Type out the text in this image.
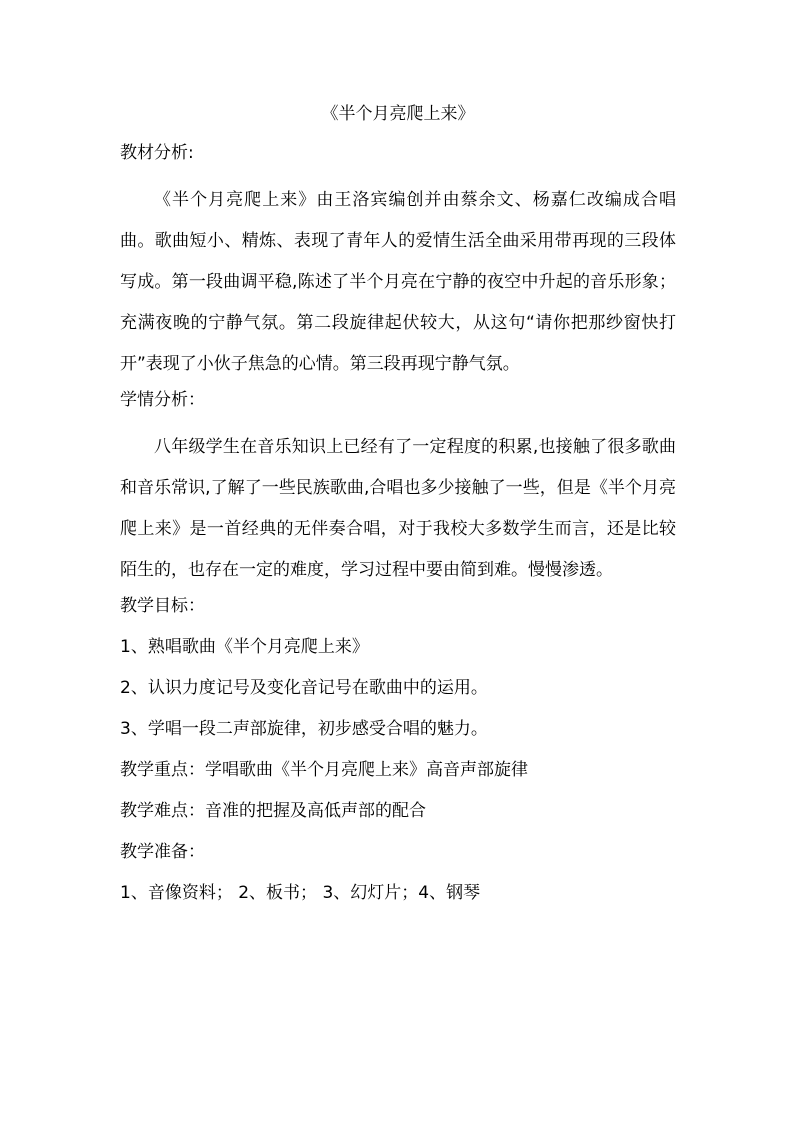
《半个月亮爬上来》
教材分析:

《半个月亮爬上来》由王洛宾编创并由蔡余文、杨嘉仁改编成合唱曲。歌曲短小、精炼、表现了青年人的爱情生活全曲采用带再现的三段体写成。第一段曲调平稳,陈述了半个月亮在宁静的夜空中升起的音乐形象；充满夜晚的宁静气氛。第二段旋律起伏较大，从这句“请你把那纱窗快打开”表现了小伙子焦急的心情。第三段再现宁静气氛。

学情分析：

八年级学生在音乐知识上已经有了一定程度的积累,也接触了很多歌曲和音乐常识,了解了一些民族歌曲,合唱也多少接触了一些，但是《半个月亮爬上来》是一首经典的无伴奏合唱，对于我校大多数学生而言，还是比较陌生的，也存在一定的难度，学习过程中要由简到难。慢慢渗透。

教学目标：
1、熟唱歌曲《半个月亮爬上来》
2、认识力度记号及变化音记号在歌曲中的运用。
3、学唱一段二声部旋律，初步感受合唱的魅力。
教学重点：学唱歌曲《半个月亮爬上来》高音声部旋律
教学难点：音准的把握及高低声部的配合
教学准备：
1、音像资料； 2、板书； 3、幻灯片；4、钢琴
